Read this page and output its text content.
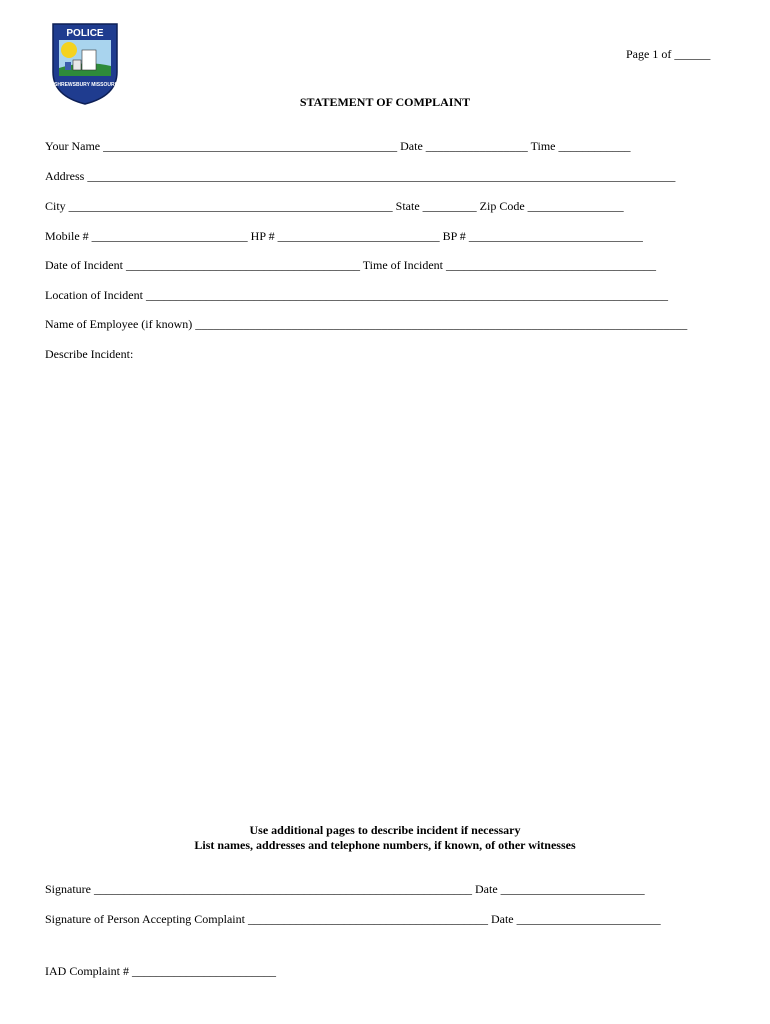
POLICE
SHREWSBURY MISSOURI
Page 1 of ______
STATEMENT OF COMPLAINT
Your Name _________________________________________________ Date _________________ Time ____________
Address __________________________________________________________________________________________________
City ______________________________________________________ State _________ Zip Code ________________
Mobile # __________________________ HP # ___________________________ BP # _____________________________
Date of Incident _______________________________________ Time of Incident ___________________________________
Location of Incident _______________________________________________________________________________________
Name of Employee (if known) __________________________________________________________________________________
Describe Incident:
Use additional pages to describe incident if necessary
List names, addresses and telephone numbers, if known, of other witnesses
Signature _______________________________________________________________ Date ________________________
Signature of Person Accepting Complaint ________________________________________ Date ________________________
IAD Complaint # ________________________
